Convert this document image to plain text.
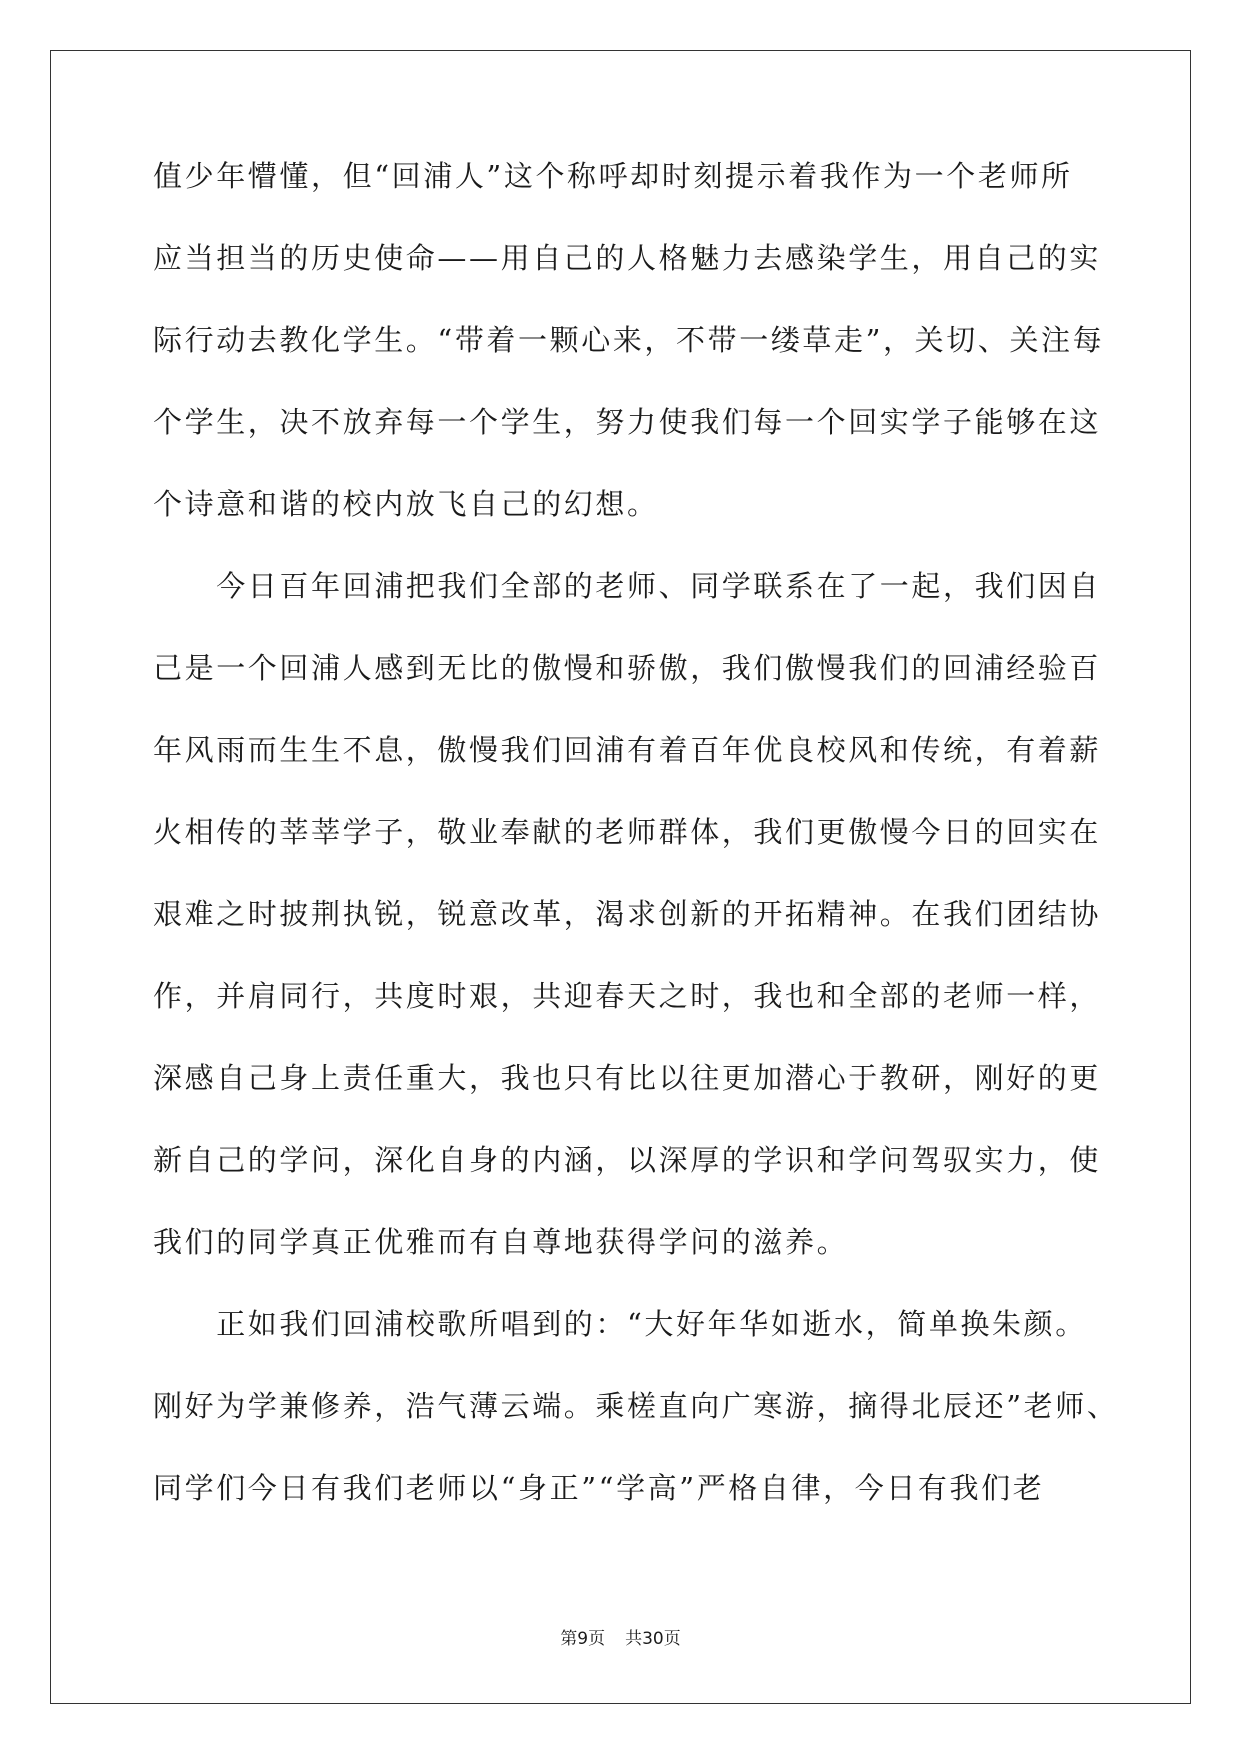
值少年懵懂，但“回浦人”这个称呼却时刻提示着我作为一个老师所
应当担当的历史使命——用自己的人格魅力去感染学生，用自己的实
际行动去教化学生。“带着一颗心来，不带一缕草走”，关切、关注每
个学生，决不放弃每一个学生，努力使我们每一个回实学子能够在这
个诗意和谐的校内放飞自己的幻想。
　　今日百年回浦把我们全部的老师、同学联系在了一起，我们因自
己是一个回浦人感到无比的傲慢和骄傲，我们傲慢我们的回浦经验百
年风雨而生生不息，傲慢我们回浦有着百年优良校风和传统，有着薪
火相传的莘莘学子，敬业奉献的老师群体，我们更傲慢今日的回实在
艰难之时披荆执锐，锐意改革，渴求创新的开拓精神。在我们团结协
作，并肩同行，共度时艰，共迎春天之时，我也和全部的老师一样，
深感自己身上责任重大，我也只有比以往更加潜心于教研，刚好的更
新自己的学问，深化自身的内涵，以深厚的学识和学问驾驭实力，使
我们的同学真正优雅而有自尊地获得学问的滋养。
　　正如我们回浦校歌所唱到的：“大好年华如逝水，简单换朱颜。
刚好为学兼修养，浩气薄云端。乘槎直向广寒游，摘得北辰还”老师、
同学们今日有我们老师以“身正”“学高”严格自律，今日有我们老
第9页 共30页
